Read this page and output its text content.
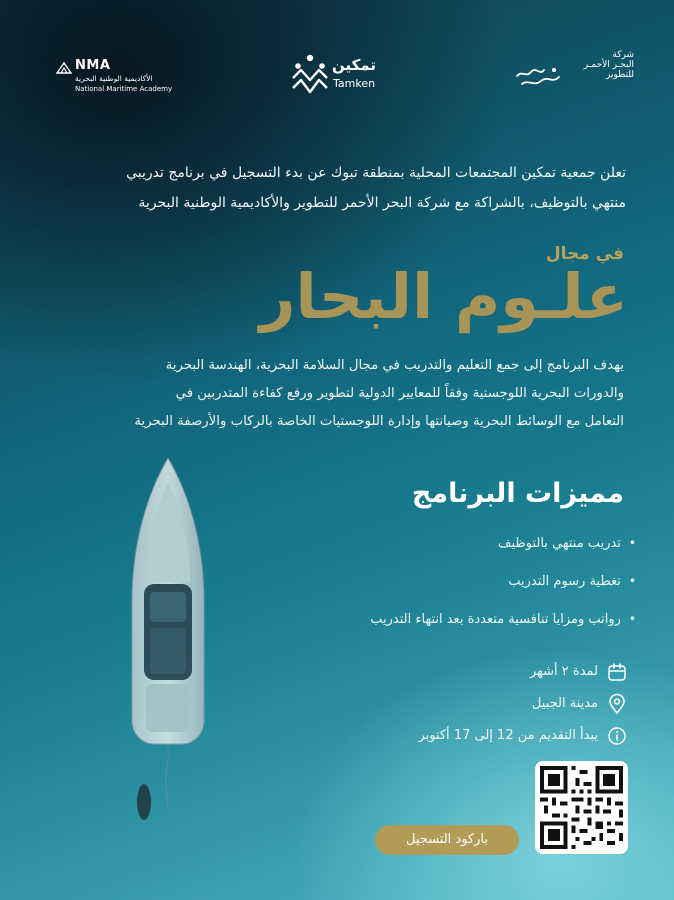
NMA
الأكاديمية الوطنية البحرية
National Maritime Academy
تمكين
Tamken
شركة
البحـر الأحمـر
للتطوير
تعلن جمعية تمكين المجتمعات المحلية بمنطقة تبوك عن بدء التسجيل في برنامج تدريبي
منتهي بالتوظيف، بالشراكة مع شركة البحر الأحمر للتطوير والأكاديمية الوطنية البحرية
في مجال
علـوم البحار
يهدف البرنامج إلى جمع التعليم والتدريب في مجال السلامة البحرية، الهندسة البحرية
والدورات البحرية اللوجستية وفقاً للمعايير الدولية لتطوير ورفع كفاءة المتدربين في
التعامل مع الوسائط البحرية وصيانتها وإدارة اللوجستيات الخاصة بالركاب والأرصفة البحرية
مميزات البرنامج
•تدريب منتهي بالتوظيف
•تغطية رسوم التدريب
•رواتب ومزايا تنافسية متعددة بعد انتهاء التدريب
لمدة ٢ أشهر
مدينة الجبيل
يبدأ التقديم من 12 إلى 17 أكتوبر
باركود التسجيل
